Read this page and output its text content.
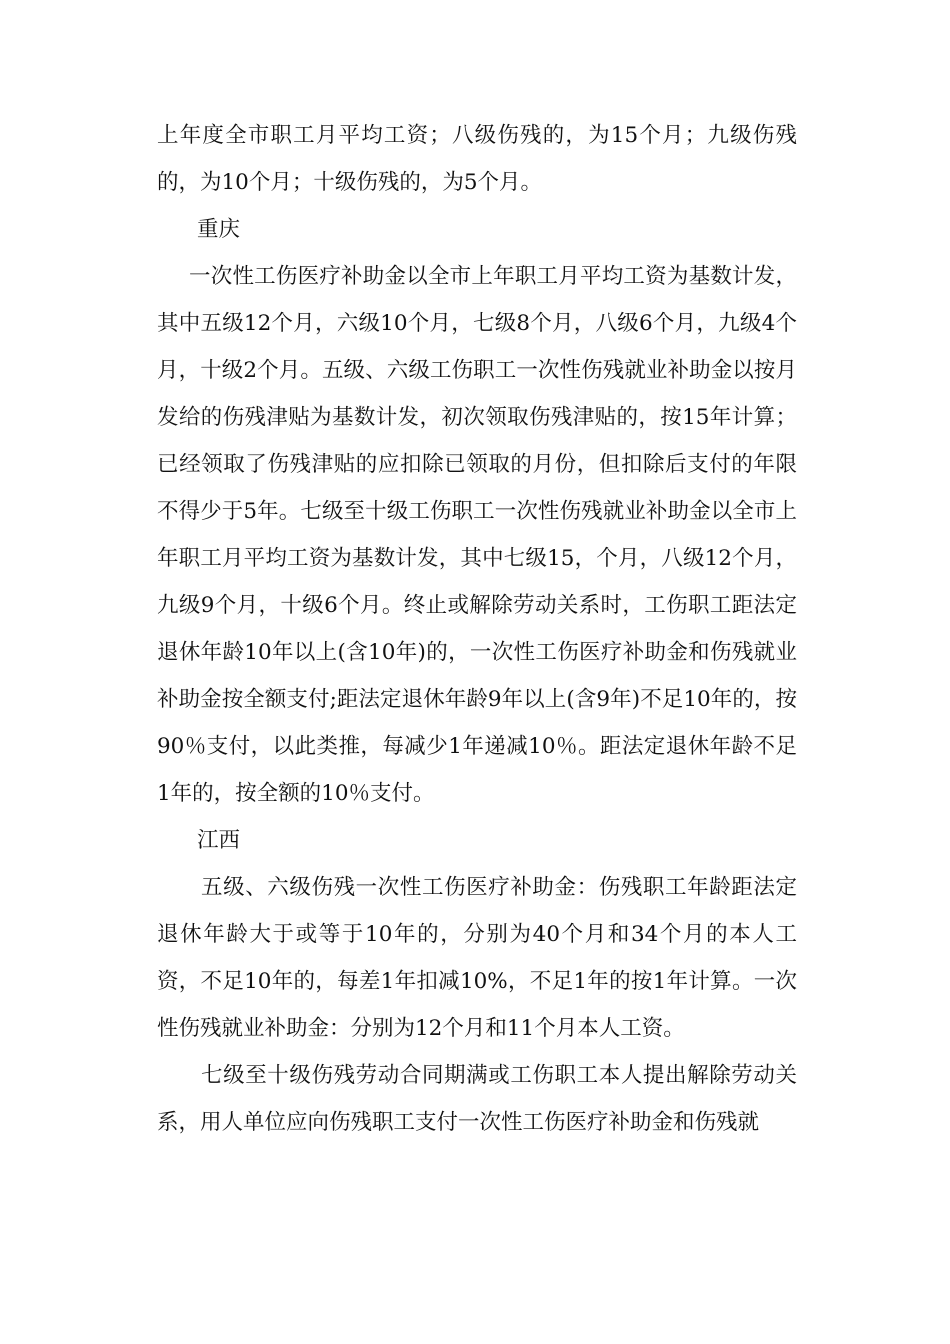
上年度全市职工月平均工资；八级伤残的，为15个月；九级伤残的，为10个月；十级伤残的，为5个月。

重庆

一次性工伤医疗补助金以全市上年职工月平均工资为基数计发，其中五级12个月，六级10个月，七级8个月，八级6个月，九级4个月，十级2个月。五级、六级工伤职工一次性伤残就业补助金以按月发给的伤残津贴为基数计发，初次领取伤残津贴的，按15年计算； 已经领取了伤残津贴的应扣除已领取的月份，但扣除后支付的年限不得少于5年。七级至十级工伤职工一次性伤残就业补助金以全市上年职工月平均工资为基数计发，其中七级15，个月，八级12个月，九级9个月，十级6个月。终止或解除劳动关系时，工伤职工距法定退休年龄10年以上(含10年)的，一次性工伤医疗补助金和伤残就业补助金按全额支付;距法定退休年龄9年以上(含9年)不足10年的，按90％支付，以此类推，每减少1年递减10％。距法定退休年龄不足1年的，按全额的10％支付。

江西

五级、六级伤残一次性工伤医疗补助金：伤残职工年龄距法定退休年龄大于或等于10年的，分别为40个月和34个月的本人工资，不足10年的，每差1年扣减10%，不足1年的按1年计算。一次性伤残就业补助金：分别为12个月和11个月本人工资。

七级至十级伤残劳动合同期满或工伤职工本人提出解除劳动关系，用人单位应向伤残职工支付一次性工伤医疗补助金和伤残就
